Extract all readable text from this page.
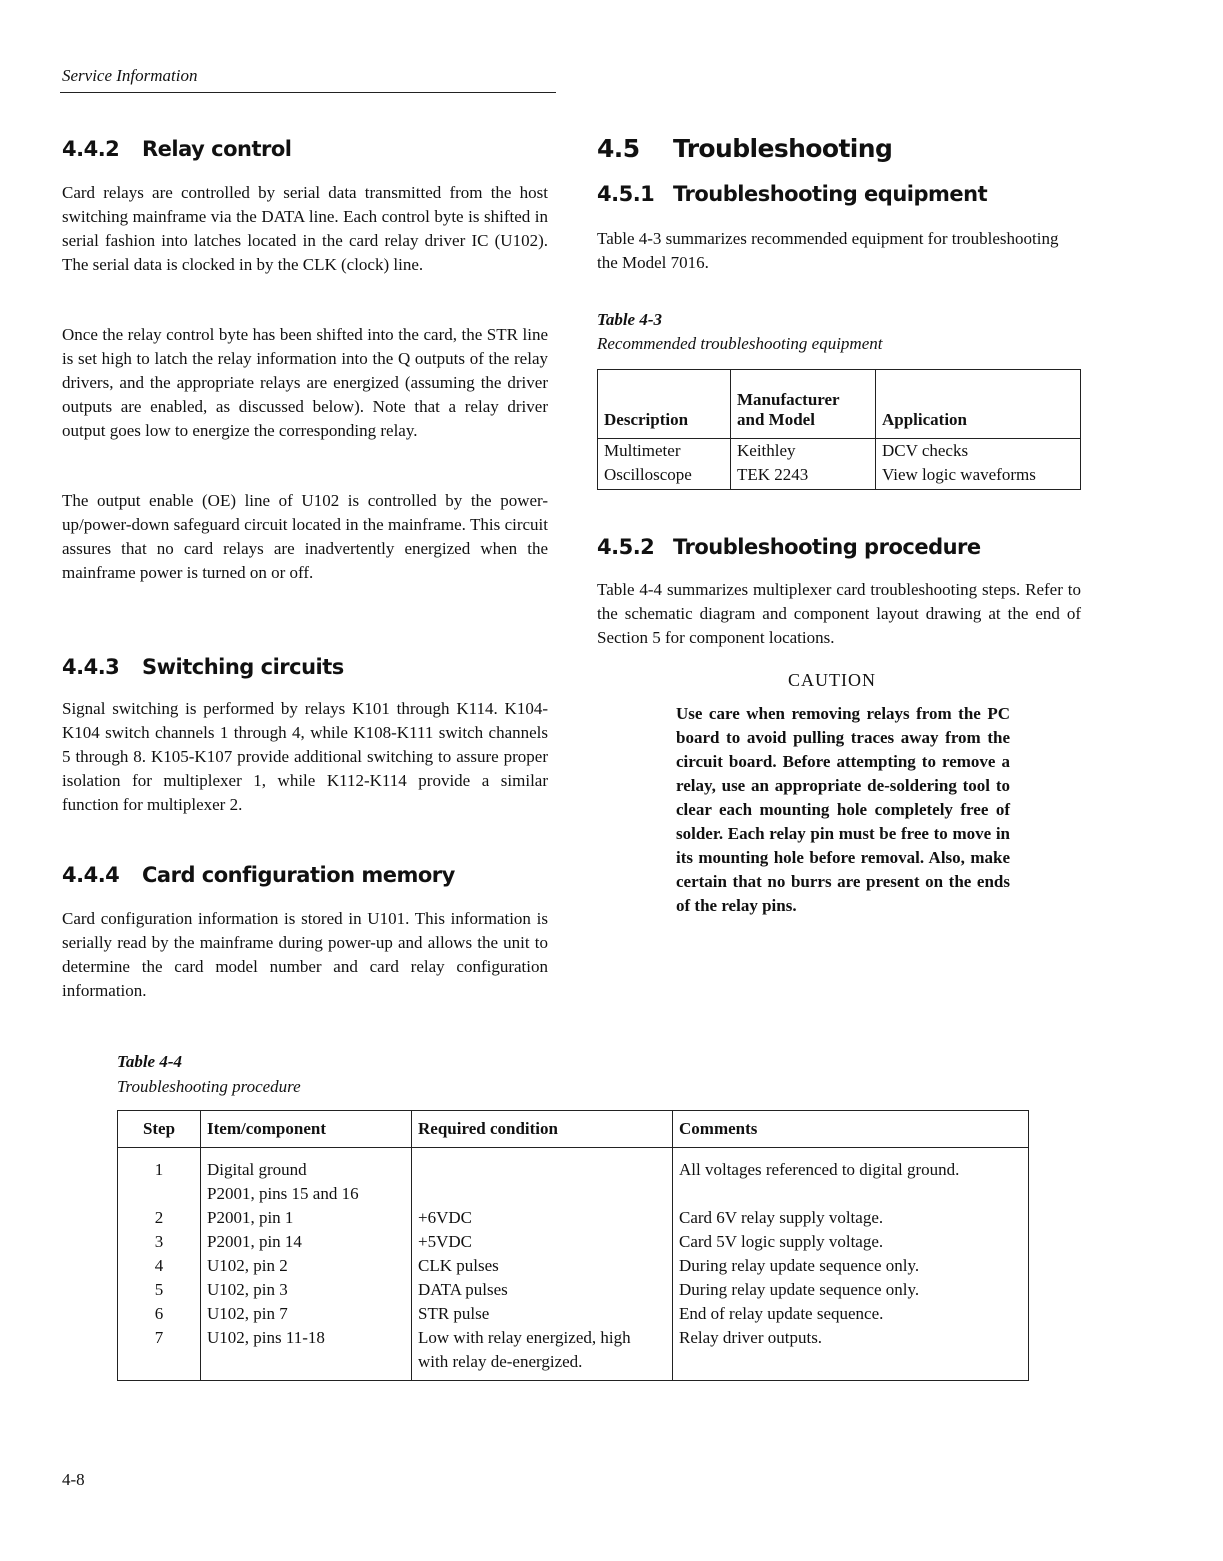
Service Information
4.4.2 Relay control

Card relays are controlled by serial data transmitted from the host switching mainframe via the DATA line. Each control byte is shifted in serial fashion into latches located in the card relay driver IC (U102). The serial data is clocked in by the CLK (clock) line.

Once the relay control byte has been shifted into the card, the STR line is set high to latch the relay information into the Q outputs of the relay drivers, and the appropriate relays are energized (assuming the driver outputs are enabled, as discussed below). Note that a relay driver output goes low to energize the corresponding relay.

The output enable (OE) line of U102 is controlled by the power-up/power-down safeguard circuit located in the mainframe. This circuit assures that no card relays are inadvertently energized when the mainframe power is turned on or off.

4.4.3 Switching circuits

Signal switching is performed by relays K101 through K114. K104-K104 switch channels 1 through 4, while K108-K111 switch channels 5 through 8. K105-K107 provide additional switching to assure proper isolation for multiplexer 1, while K112-K114 provide a similar function for multiplexer 2.

4.4.4 Card configuration memory

Card configuration information is stored in U101. This information is serially read by the mainframe during power-up and allows the unit to determine the card model number and card relay configuration information.

4.5 Troubleshooting
4.5.1 Troubleshooting equipment

Table 4-3 summarizes recommended equipment for troubleshooting the Model 7016.

Table 4-3
Recommended troubleshooting equipment
Description	Manufacturer and Model	Application
Multimeter	Keithley	DCV checks
Oscilloscope	TEK 2243	View logic waveforms
4.5.2 Troubleshooting procedure

Table 4-4 summarizes multiplexer card troubleshooting steps. Refer to the schematic diagram and component layout drawing at the end of Section 5 for component locations.

CAUTION

Use care when removing relays from the PC board to avoid pulling traces away from the circuit board. Before attempting to remove a relay, use an appropriate de-soldering tool to clear each mounting hole completely free of solder. Each relay pin must be free to move in its mounting hole before removal. Also, make certain that no burrs are present on the ends of the relay pins.

Table 4-4
Troubleshooting procedure
Step	Item/component	Required condition	Comments
1	Digital ground		All voltages referenced to digital ground.
	P2001, pins 15 and 16		
2	P2001, pin 1	+6VDC	Card 6V relay supply voltage.
3	P2001, pin 14	+5VDC	Card 5V logic supply voltage.
4	U102, pin 2	CLK pulses	During relay update sequence only.
5	U102, pin 3	DATA pulses	During relay update sequence only.
6	U102, pin 7	STR pulse	End of relay update sequence.
7	U102, pins 11-18	Low with relay energized, high	Relay driver outputs.
		with relay de-energized.	
4-8
